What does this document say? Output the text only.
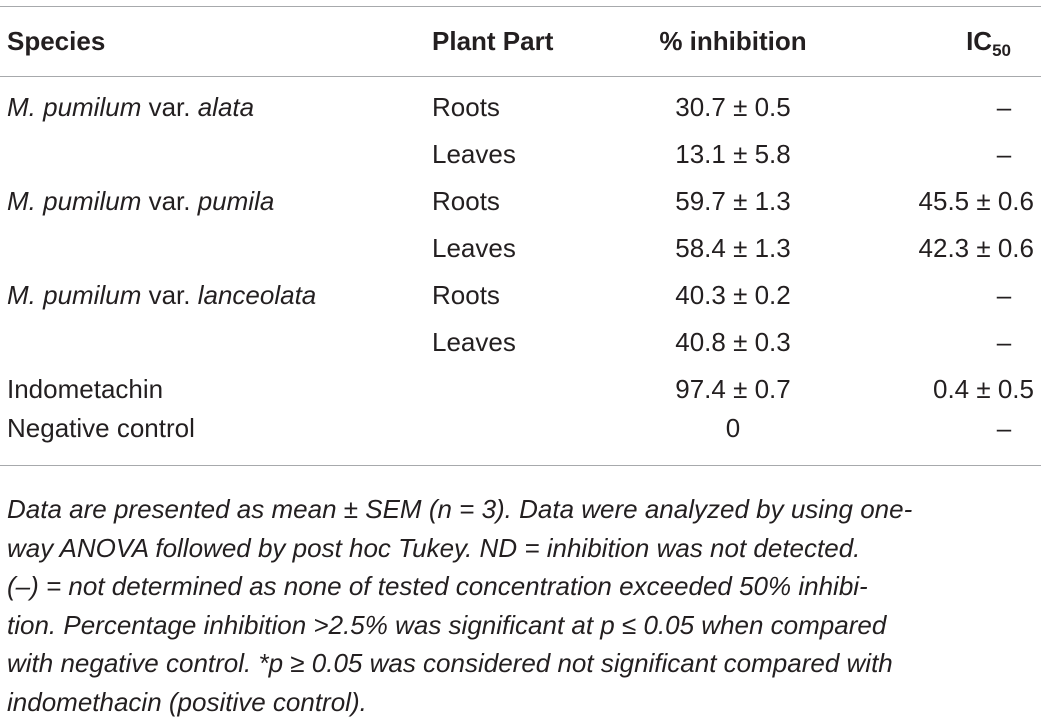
Species	Plant Part	% inhibition	$IC_{50}$
M. pumilum var. alata	Roots	30.7 ± 0.5	–
	Leaves	13.1 ± 5.8	–
M. pumilum var. pumila	Roots	59.7 ± 1.3	45.5 ± 0.6
	Leaves	58.4 ± 1.3	42.3 ± 0.6
M. pumilum var. lanceolata	Roots	40.3 ± 0.2	–
	Leaves	40.8 ± 0.3	–
Indometachin		97.4 ± 0.7	0.4 ± 0.5
Negative control		0	–
Data are presented as mean ± SEM (n = 3). Data were analyzed by using one-
way ANOVA followed by post hoc Tukey. ND = inhibition was not detected.
(–) = not determined as none of tested concentration exceeded 50% inhibi-
tion. Percentage inhibition >2.5% was significant at p ≤ 0.05 when compared
with negative control. *p ≥ 0.05 was considered not significant compared with
indomethacin (positive control).
